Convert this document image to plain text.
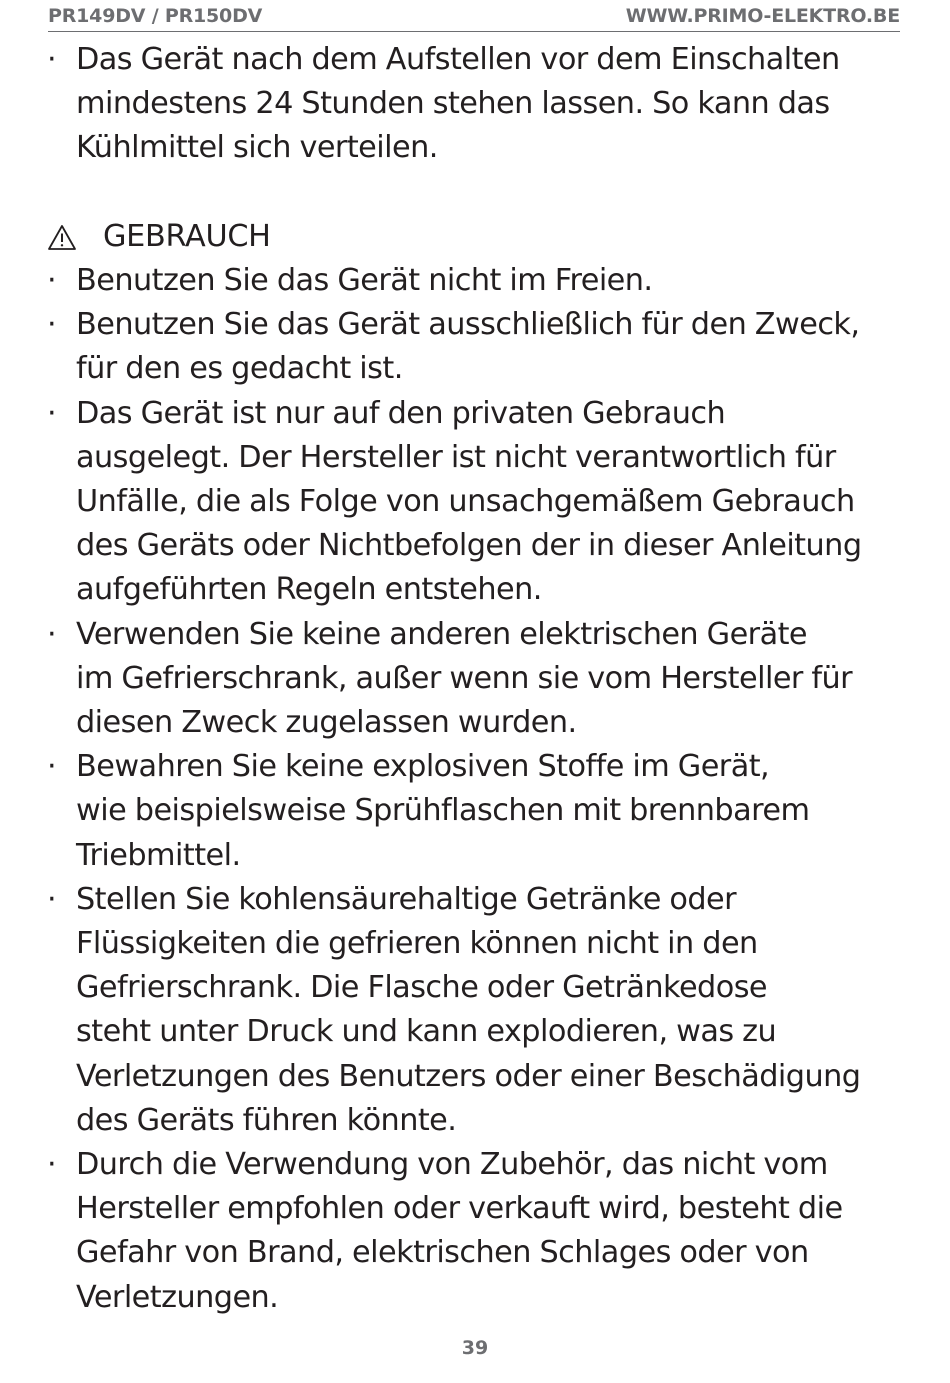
PR149DV / PR150DV	WWW.PRIMO-ELEKTRO.BE
· Das Gerät nach dem Aufstellen vor dem Einschalten
mindestens 24 Stunden stehen lassen. So kann das
Kühlmittel sich verteilen.
GEBRAUCH
· Benutzen Sie das Gerät nicht im Freien.
· Benutzen Sie das Gerät ausschließlich für den Zweck,
für den es gedacht ist.
· Das Gerät ist nur auf den privaten Gebrauch
ausgelegt. Der Hersteller ist nicht verantwortlich für
Unfälle, die als Folge von unsachgemäßem Gebrauch
des Geräts oder Nichtbefolgen der in dieser Anleitung
aufgeführten Regeln entstehen.
· Verwenden Sie keine anderen elektrischen Geräte
im Gefrierschrank, außer wenn sie vom Hersteller für
diesen Zweck zugelassen wurden.
· Bewahren Sie keine explosiven Stoffe im Gerät,
wie beispielsweise Sprühflaschen mit brennbarem
Triebmittel.
· Stellen Sie kohlensäurehaltige Getränke oder
Flüssigkeiten die gefrieren können nicht in den
Gefrierschrank. Die Flasche oder Getränkedose
steht unter Druck und kann explodieren, was zu
Verletzungen des Benutzers oder einer Beschädigung
des Geräts führen könnte.
· Durch die Verwendung von Zubehör, das nicht vom
Hersteller empfohlen oder verkauft wird, besteht die
Gefahr von Brand, elektrischen Schlages oder von
Verletzungen.
39
